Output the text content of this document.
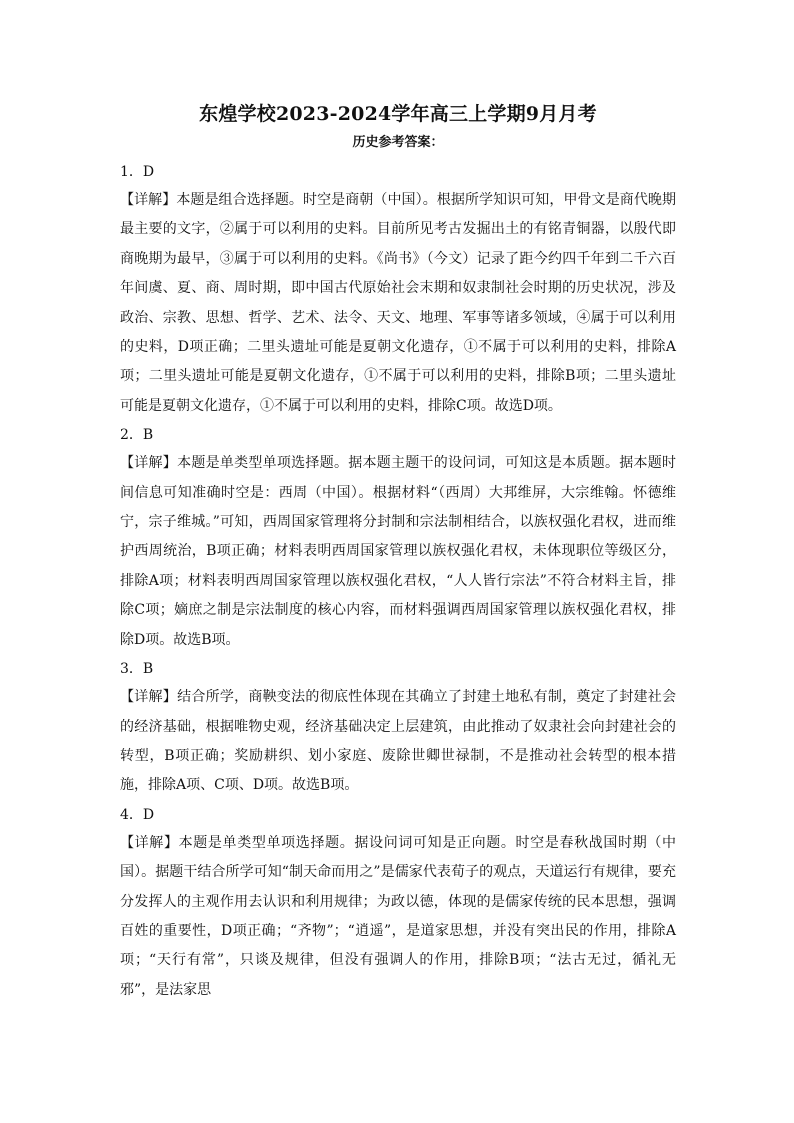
东煌学校2023-2024学年高三上学期9月月考
历史参考答案：

1．D

【详解】本题是组合选择题。时空是商朝（中国）。根据所学知识可知，甲骨文是商代晚期最主要的文字，②属于可以利用的史料。目前所见考古发掘出土的有铭青铜器，以殷代即商晚期为最早，③属于可以利用的史料。《尚书》（今文）记录了距今约四千年到二千六百年间虞、夏、商、周时期，即中国古代原始社会末期和奴隶制社会时期的历史状况，涉及政治、宗教、思想、哲学、艺术、法令、天文、地理、军事等诸多领域，④属于可以利用的史料，D项正确；二里头遗址可能是夏朝文化遗存，①不属于可以利用的史料，排除A项；二里头遗址可能是夏朝文化遗存，①不属于可以利用的史料，排除B项；二里头遗址可能是夏朝文化遗存，①不属于可以利用的史料，排除C项。故选D项。

2．B

【详解】本题是单类型单项选择题。据本题主题干的设问词，可知这是本质题。据本题时间信息可知准确时空是：西周（中国）。根据材料“（西周）大邦维屏，大宗维翰。怀德维宁，宗子维城。”可知，西周国家管理将分封制和宗法制相结合，以族权强化君权，进而维护西周统治，B项正确；材料表明西周国家管理以族权强化君权，未体现职位等级区分，排除A项；材料表明西周国家管理以族权强化君权，“人人皆行宗法”不符合材料主旨，排除C项；嫡庶之制是宗法制度的核心内容，而材料强调西周国家管理以族权强化君权，排除D项。故选B项。

3．B

【详解】结合所学，商鞅变法的彻底性体现在其确立了封建土地私有制，奠定了封建社会的经济基础，根据唯物史观，经济基础决定上层建筑，由此推动了奴隶社会向封建社会的转型，B项正确；奖励耕织、划小家庭、废除世卿世禄制，不是推动社会转型的根本措施，排除A项、C项、D项。故选B项。

4．D

【详解】本题是单类型单项选择题。据设问词可知是正向题。时空是春秋战国时期（中国）。据题干结合所学可知“制天命而用之”是儒家代表荀子的观点，天道运行有规律，要充分发挥人的主观作用去认识和利用规律；为政以德，体现的是儒家传统的民本思想，强调百姓的重要性，D项正确；“齐物”；“逍遥”，是道家思想，并没有突出民的作用，排除A项；“天行有常”，只谈及规律，但没有强调人的作用，排除B项；“法古无过，循礼无邪”，是法家思
